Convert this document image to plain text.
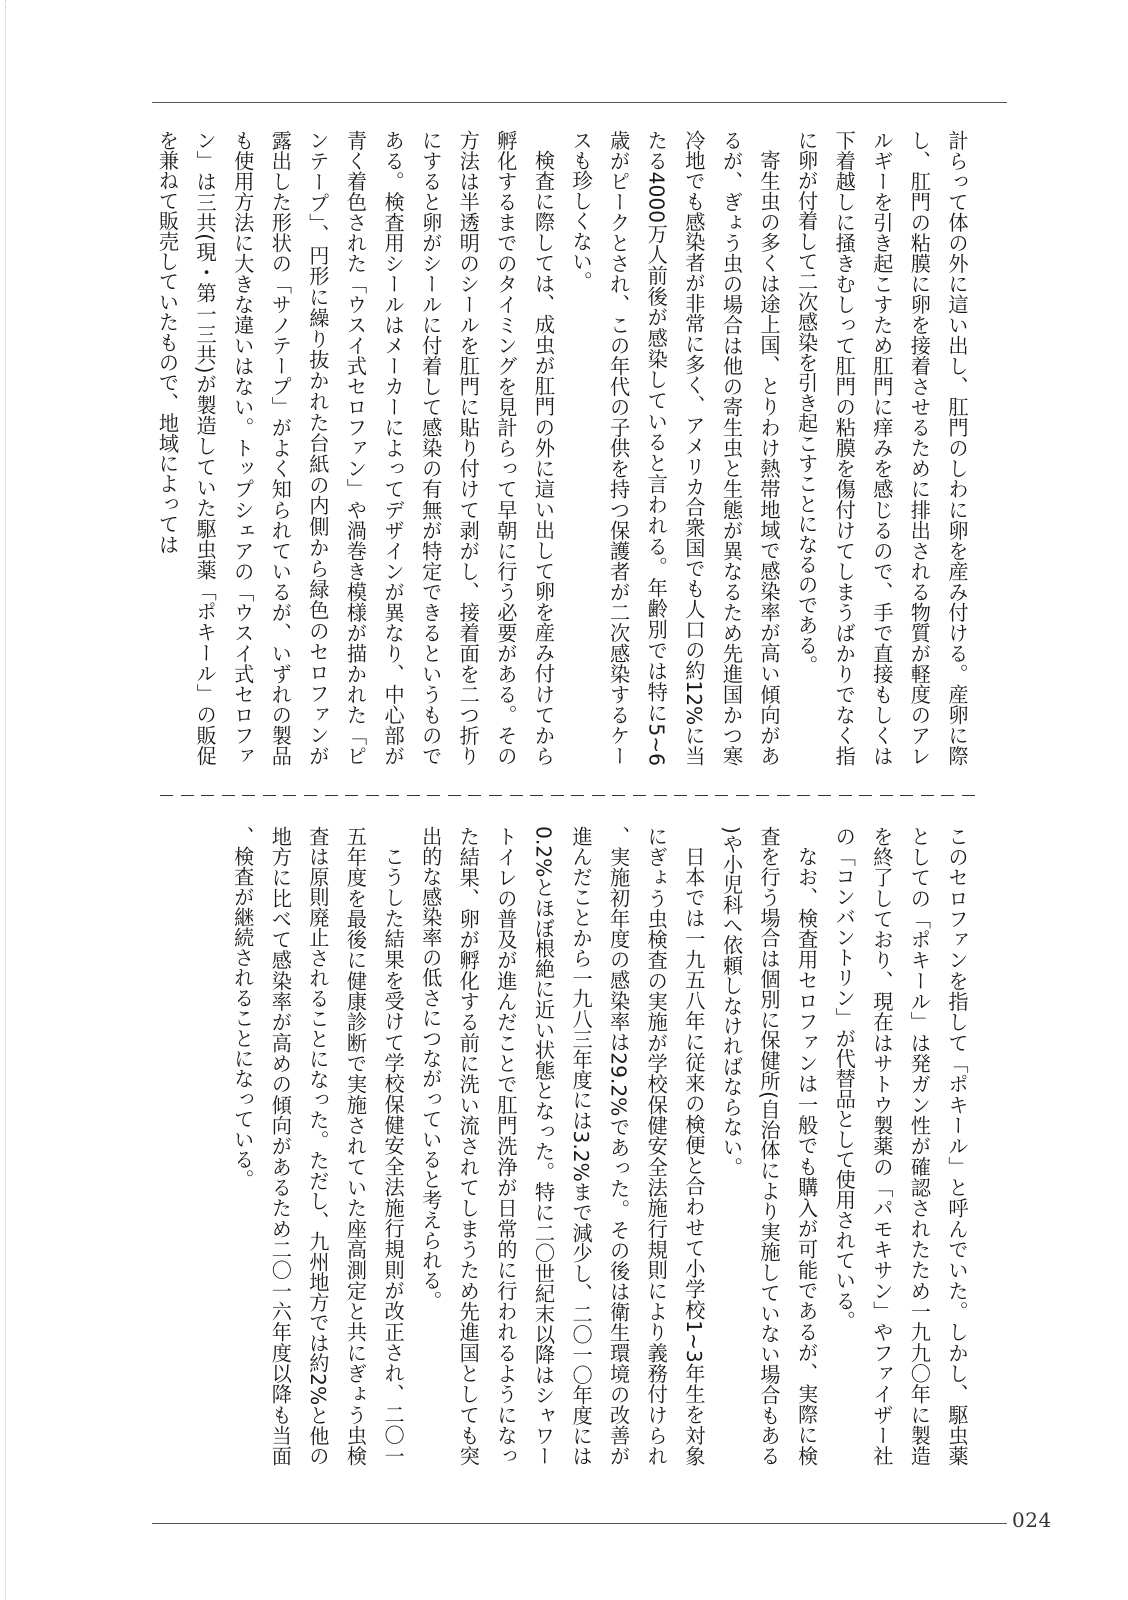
計らって体の外に這い出し、肛門のしわに卵を産み付ける。産卵に際し、肛門の粘膜に卵を接着させるために排出される物質が軽度のアレルギーを引き起こすため肛門に痒みを感じるので、手で直接もしくは下着越しに掻きむしって肛門の粘膜を傷付けてしまうばかりでなく指に卵が付着して二次感染を引き起こすことになるのである。

寄生虫の多くは途上国、とりわけ熱帯地域で感染率が高い傾向があるが、ぎょう虫の場合は他の寄生虫と生態が異なるため先進国かつ寒冷地でも感染者が非常に多く、アメリカ合衆国でも人口の約12%に当たる4000万人前後が感染していると言われる。年齢別では特に5~6歳がピークとされ、この年代の子供を持つ保護者が二次感染するケースも珍しくない。

検査に際しては、成虫が肛門の外に這い出して卵を産み付けてから孵化するまでのタイミングを見計らって早朝に行う必要がある。その方法は半透明のシールを肛門に貼り付けて剥がし、接着面を二つ折りにすると卵がシールに付着して感染の有無が特定できるというものである。検査用シールはメーカーによってデザインが異なり、中心部が青く着色された「ウスイ式セロファン」や渦巻き模様が描かれた「ピンテープ」、円形に繰り抜かれた台紙の内側から緑色のセロファンが露出した形状の「サノテープ」がよく知られているが、いずれの製品も使用方法に大きな違いはない。トップシェアの「ウスイ式セロファン」は三共(現・第一三共)が製造していた駆虫薬「ポキール」の販促を兼ねて販売していたもので、地域によっては

このセロファンを指して「ポキール」と呼んでいた。しかし、駆虫薬としての「ポキール」は発ガン性が確認されたため一九九〇年に製造を終了しており、現在はサトウ製薬の「パモキサン」やファイザー社の「コンバントリン」が代替品として使用されている。

なお、検査用セロファンは一般でも購入が可能であるが、実際に検査を行う場合は個別に保健所(自治体により実施していない場合もある)や小児科へ依頼しなければならない。

日本では一九五八年に従来の検便と合わせて小学校1~3年生を対象にぎょう虫検査の実施が学校保健安全法施行規則により義務付けられ、実施初年度の感染率は29.2%であった。その後は衛生環境の改善が進んだことから一九八三年度には3.2%まで減少し、二〇一〇年度には0.2%とほぼ根絶に近い状態となった。特に二〇世紀末以降はシャワートイレの普及が進んだことで肛門洗浄が日常的に行われるようになった結果、卵が孵化する前に洗い流されてしまうため先進国としても突出的な感染率の低さにつながっていると考えられる。

こうした結果を受けて学校保健安全法施行規則が改正され、二〇一五年度を最後に健康診断で実施されていた座高測定と共にぎょう虫検査は原則廃止されることになった。ただし、九州地方では約2%と他の地方に比べて感染率が高めの傾向があるため二〇一六年度以降も当面、検査が継続されることになっている。

024
